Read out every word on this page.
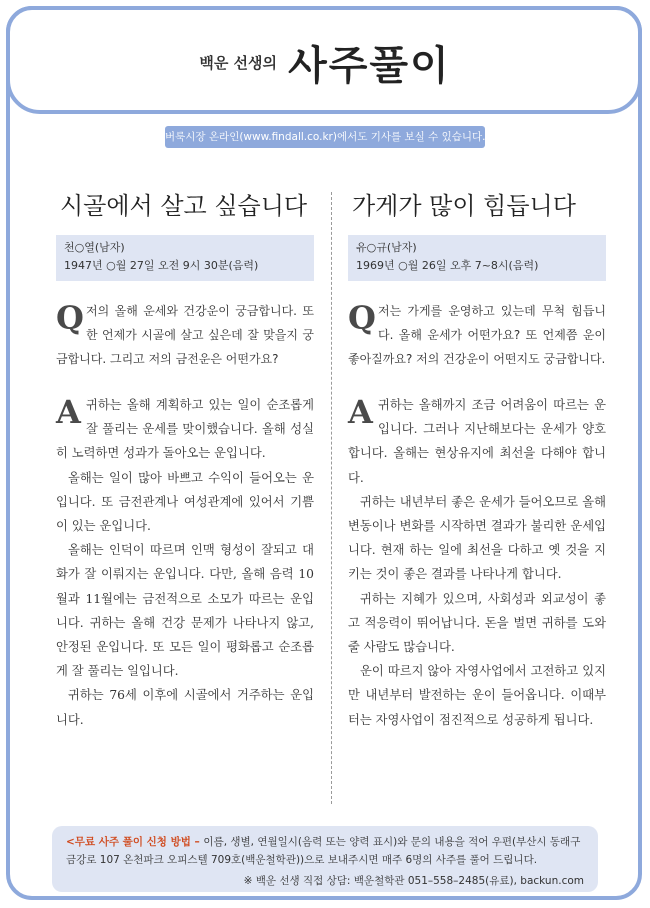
백운 선생의 사주풀이
버룩시장 온라인(www.findall.co.kr)에서도 기사를 보실 수 있습니다.
시골에서 살고 싶습니다
천○열(남자)
1947년 ○월 27일 오전 9시 30분(음력)
Q 저의 올해 운세와 건강운이 궁금합니다. 또한 언제가 시골에 살고 싶은데 잘 맞을지 궁금합니다. 그리고 저의 금전운은 어떤가요?

A 귀하는 올해 계획하고 있는 일이 순조롭게 잘 풀리는 운세를 맞이했습니다. 올해 성실히 노력하면 성과가 돌아오는 운입니다.

올해는 일이 많아 바쁘고 수익이 들어오는 운입니다. 또 금전관계나 여성관계에 있어서 기쁨이 있는 운입니다.

올해는 인덕이 따르며 인맥 형성이 잘되고 대화가 잘 이뤄지는 운입니다. 다만, 올해 음력 10월과 11월에는 금전적으로 소모가 따르는 운입니다. 귀하는 올해 건강 문제가 나타나지 않고, 안정된 운입니다. 또 모든 일이 평화롭고 순조롭게 잘 풀리는 일입니다.

귀하는 76세 이후에 시골에서 거주하는 운입니다.

가게가 많이 힘듭니다
유○규(남자)
1969년 ○월 26일 오후 7~8시(음력)
Q 저는 가게를 운영하고 있는데 무척 힘듭니다. 올해 운세가 어떤가요? 또 언제쯤 운이 좋아질까요? 저의 건강운이 어떤지도 궁금합니다.

A 귀하는 올해까지 조금 어려움이 따르는 운입니다. 그러나 지난해보다는 운세가 양호합니다. 올해는 현상유지에 최선을 다해야 합니다.

귀하는 내년부터 좋은 운세가 들어오므로 올해 변동이나 변화를 시작하면 결과가 불리한 운세입니다. 현재 하는 일에 최선을 다하고 옛 것을 지키는 것이 좋은 결과를 나타나게 합니다.

귀하는 지혜가 있으며, 사회성과 외교성이 좋고 적응력이 뛰어납니다. 돈을 벌면 귀하를 도와줄 사람도 많습니다.

운이 따르지 않아 자영사업에서 고전하고 있지만 내년부터 발전하는 운이 들어옵니다. 이때부터는 자영사업이 점진적으로 성공하게 됩니다.

<무료 사주 풀이 신청 방법 – 이름, 생별, 연월일시(음력 또는 양력 표시)와 문의 내용을 적어 우편(부산시 동래구 금강로 107 온천파크 오피스텔 709호(백운철학관))으로 보내주시면 매주 6명의 사주를 풀어 드립니다.
※ 백운 선생 직접 상담: 백운철학관 051–558–2485(유료), backun.com
